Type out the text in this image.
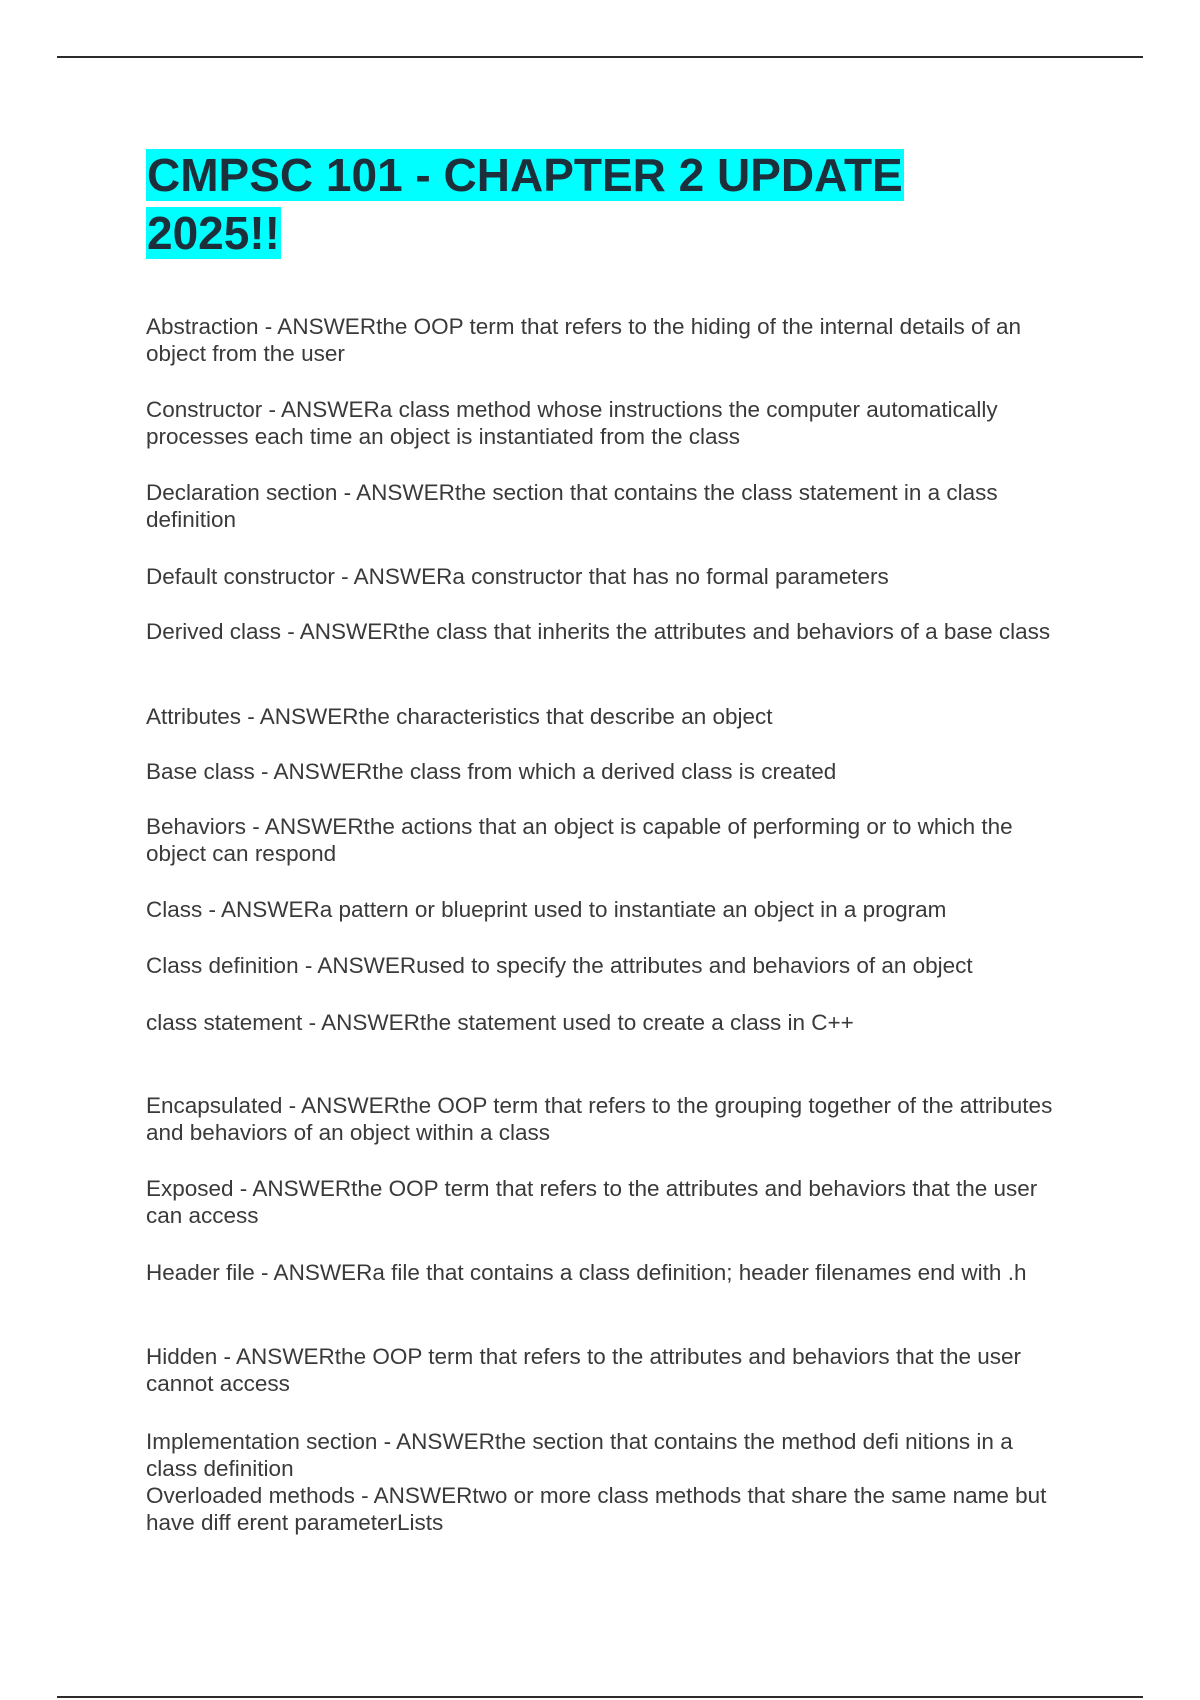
CMPSC 101 - CHAPTER 2 UPDATE
2025!!

Abstraction - ANSWERthe OOP term that refers to the hiding of the internal details of an object from the user

Constructor - ANSWERa class method whose instructions the computer automatically processes each time an object is instantiated from the class

Declaration section - ANSWERthe section that contains the class statement in a class definition

Default constructor - ANSWERa constructor that has no formal parameters

Derived class - ANSWERthe class that inherits the attributes and behaviors of a base class

Attributes - ANSWERthe characteristics that describe an object

Base class - ANSWERthe class from which a derived class is created

Behaviors - ANSWERthe actions that an object is capable of performing or to which the object can respond

Class - ANSWERa pattern or blueprint used to instantiate an object in a program

Class definition - ANSWERused to specify the attributes and behaviors of an object

class statement - ANSWERthe statement used to create a class in C++

Encapsulated - ANSWERthe OOP term that refers to the grouping together of the attributes and behaviors of an object within a class

Exposed - ANSWERthe OOP term that refers to the attributes and behaviors that the user can access

Header file - ANSWERa file that contains a class definition; header filenames end with .h

Hidden - ANSWERthe OOP term that refers to the attributes and behaviors that the user cannot access

Implementation section - ANSWERthe section that contains the method defi nitions in a class definition

Overloaded methods - ANSWERtwo or more class methods that share the same name but have diff erent parameterLists
